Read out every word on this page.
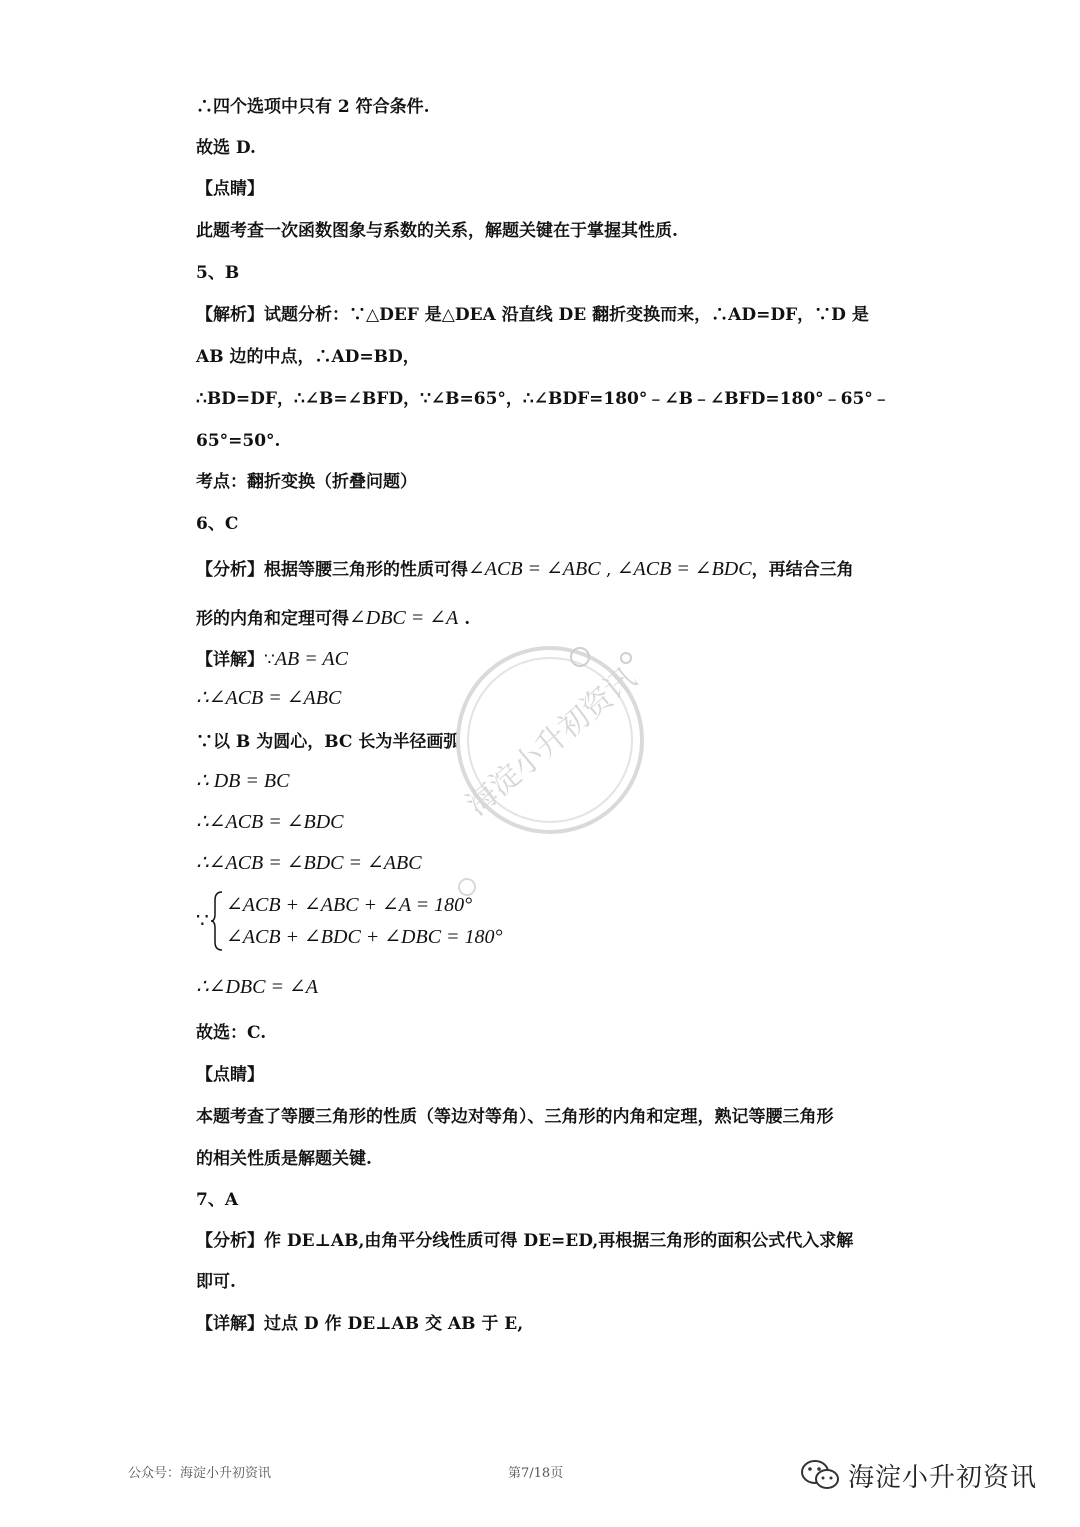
∴四个选项中只有 2 符合条件.
故选 D.
【点睛】
此题考查一次函数图象与系数的关系，解题关键在于掌握其性质.
5、B
【解析】试题分析：∵△DEF 是△DEA 沿直线 DE 翻折变换而来，∴AD=DF，∵D 是
AB 边的中点，∴AD=BD，
∴BD=DF，∴∠B=∠BFD，∵∠B=65°，∴∠BDF=180°﹣∠B﹣∠BFD=180°﹣65°﹣
65°=50°.
考点：翻折变换（折叠问题）
6、C
【分析】根据等腰三角形的性质可得∠ACB = ∠ABC , ∠ACB = ∠BDC，再结合三角
形的内角和定理可得∠DBC = ∠A .
【详解】∵AB = AC
∴∠ACB = ∠ABC
∵以 B 为圆心，BC 长为半径画弧
∴ DB = BC
∴∠ACB = ∠BDC
∴∠ACB = ∠BDC = ∠ABC
∵
∠ACB + ∠ABC + ∠A = 180°
∠ACB + ∠BDC + ∠DBC = 180°
∴∠DBC = ∠A
故选：C.
【点睛】
本题考查了等腰三角形的性质（等边对等角）、三角形的内角和定理，熟记等腰三角形
的相关性质是解题关键.
7、A
【分析】作 DE⊥AB,由角平分线性质可得 DE=ED,再根据三角形的面积公式代入求解
即可.
【详解】过点 D 作 DE⊥AB 交 AB 于 E,
海淀小升初资讯
公众号：海淀小升初资讯	第7/18页	海淀小升初资讯
